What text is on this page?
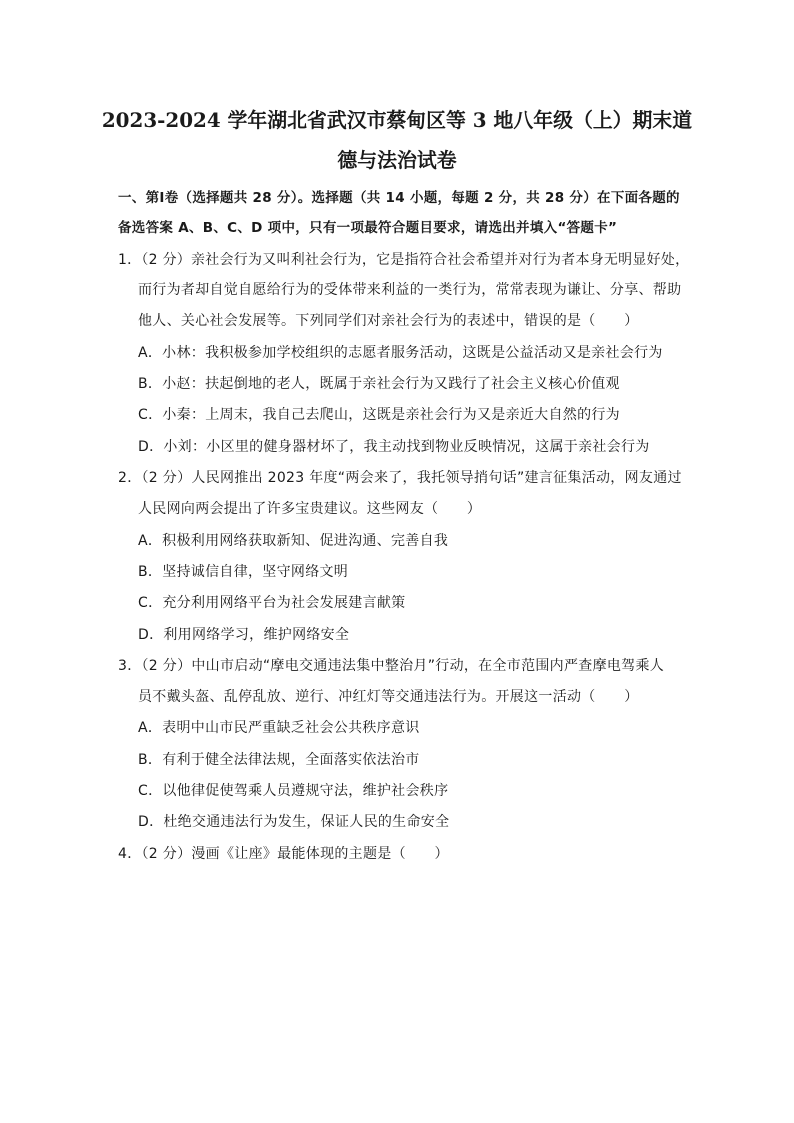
2023-2024 学年湖北省武汉市蔡甸区等 3 地八年级（上）期末道
德与法治试卷
一、第Ⅰ卷（选择题共 28 分）。选择题（共 14 小题，每题 2 分，共 28 分）在下面各题的
备选答案 A、B、C、D 项中，只有一项最符合题目要求，请选出并填入“答题卡”
1．（2 分）亲社会行为又叫利社会行为，它是指符合社会希望并对行为者本身无明显好处，
而行为者却自觉自愿给行为的受体带来利益的一类行为，常常表现为谦让、分享、帮助
他人、关心社会发展等。下列同学们对亲社会行为的表述中，错误的是（　　）
A．小林：我积极参加学校组织的志愿者服务活动，这既是公益活动又是亲社会行为
B．小赵：扶起倒地的老人，既属于亲社会行为又践行了社会主义核心价值观
C．小秦：上周末，我自己去爬山，这既是亲社会行为又是亲近大自然的行为
D．小刘：小区里的健身器材坏了，我主动找到物业反映情况，这属于亲社会行为
2．（2 分）人民网推出 2023 年度“两会来了，我托领导捎句话”建言征集活动，网友通过
人民网向两会提出了许多宝贵建议。这些网友（　　）
A．积极利用网络获取新知、促进沟通、完善自我
B．坚持诚信自律，坚守网络文明
C．充分利用网络平台为社会发展建言献策
D．利用网络学习，维护网络安全
3．（2 分）中山市启动“摩电交通违法集中整治月”行动，在全市范围内严查摩电驾乘人
员不戴头盔、乱停乱放、逆行、冲红灯等交通违法行为。开展这一活动（　　）
A．表明中山市民严重缺乏社会公共秩序意识
B．有利于健全法律法规，全面落实依法治市
C．以他律促使驾乘人员遵规守法，维护社会秩序
D．杜绝交通违法行为发生，保证人民的生命安全
4．（2 分）漫画《让座》最能体现的主题是（　　）
